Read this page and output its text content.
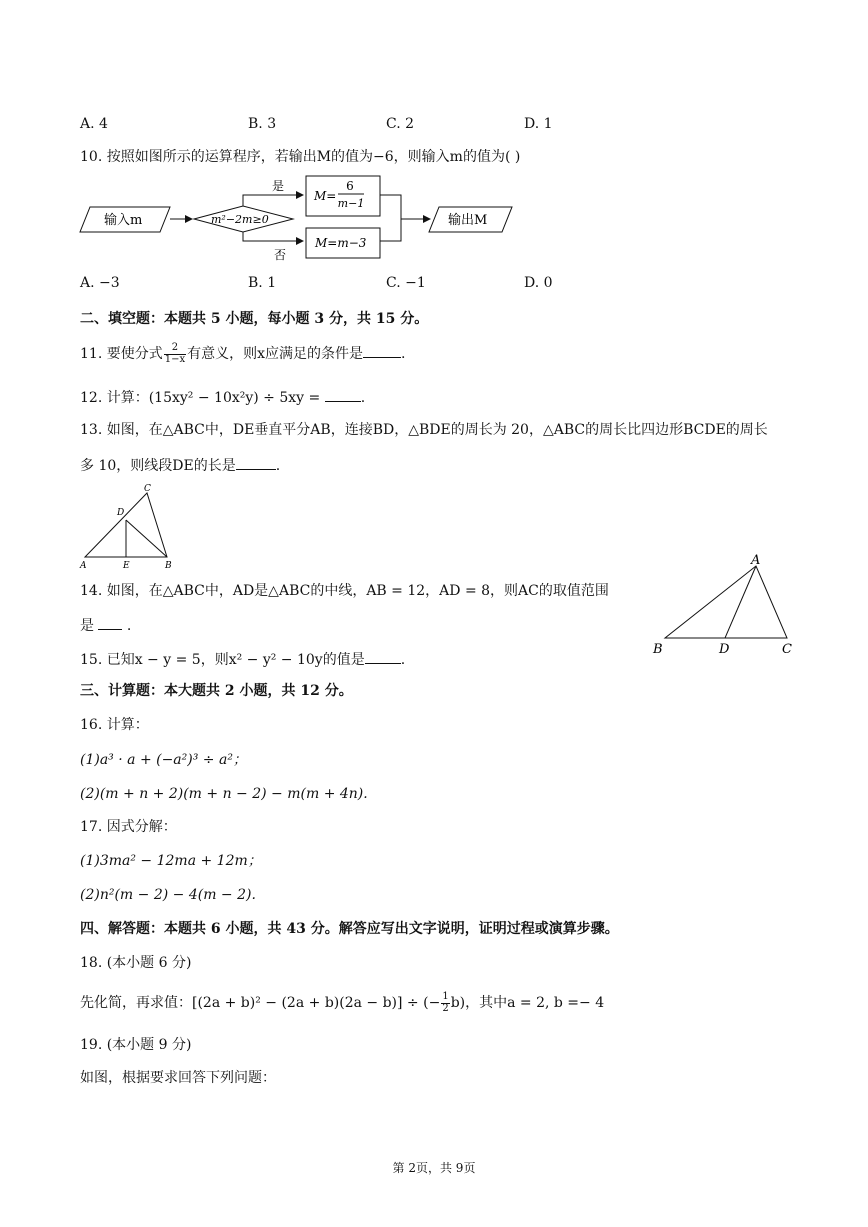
A. 4	B. 3	C. 2	D. 1
10. 按照如图所示的运算程序，若输出M的值为−6，则输入m的值为( )
输入m	m²−2m≥0
是
M=
6
m−1
否
M=m−3
输出M
A. −3	B. 1	C. −1	D. 0
二、填空题：本题共 5 小题，每小题 3 分，共 15 分。
11. 要使分式 $\frac{2}{1-x}$ 有意义，则x应满足的条件是	.
12. 计算：(15xy² − 10x²y) ÷ 5xy =	.
13. 如图，在△ABC中，DE垂直平分AB，连接BD，△BDE的周长为 20，△ABC的周长比四边形BCDE的周长
多 10，则线段DE的长是	.
A	B
C
D
E
14. 如图，在△ABC中，AD是△ABC的中线，AB = 12，AD = 8，则AC的取值范围
是 .
A
B	C
D
15. 已知x − y = 5，则x² − y² − 10y的值是	.
三、计算题：本大题共 2 小题，共 12 分。
16. 计算：
(1)a³ · a + (−a²)³ ÷ a²；
(2)(m + n + 2)(m + n − 2) − m(m + 4n).
17. 因式分解：
(1)3ma² − 12ma + 12m；
(2)n²(m − 2) − 4(m − 2).
四、解答题：本题共 6 小题，共 43 分。解答应写出文字说明，证明过程或演算步骤。
18. (本小题 6 分)
先化简，再求值：[(2a + b)² − (2a + b)(2a − b)] ÷ (− $\frac{1}{2} b$)，其中a = 2, b =− 4
19. (本小题 9 分)
如图，根据要求回答下列问题：
第 2页，共 9页
